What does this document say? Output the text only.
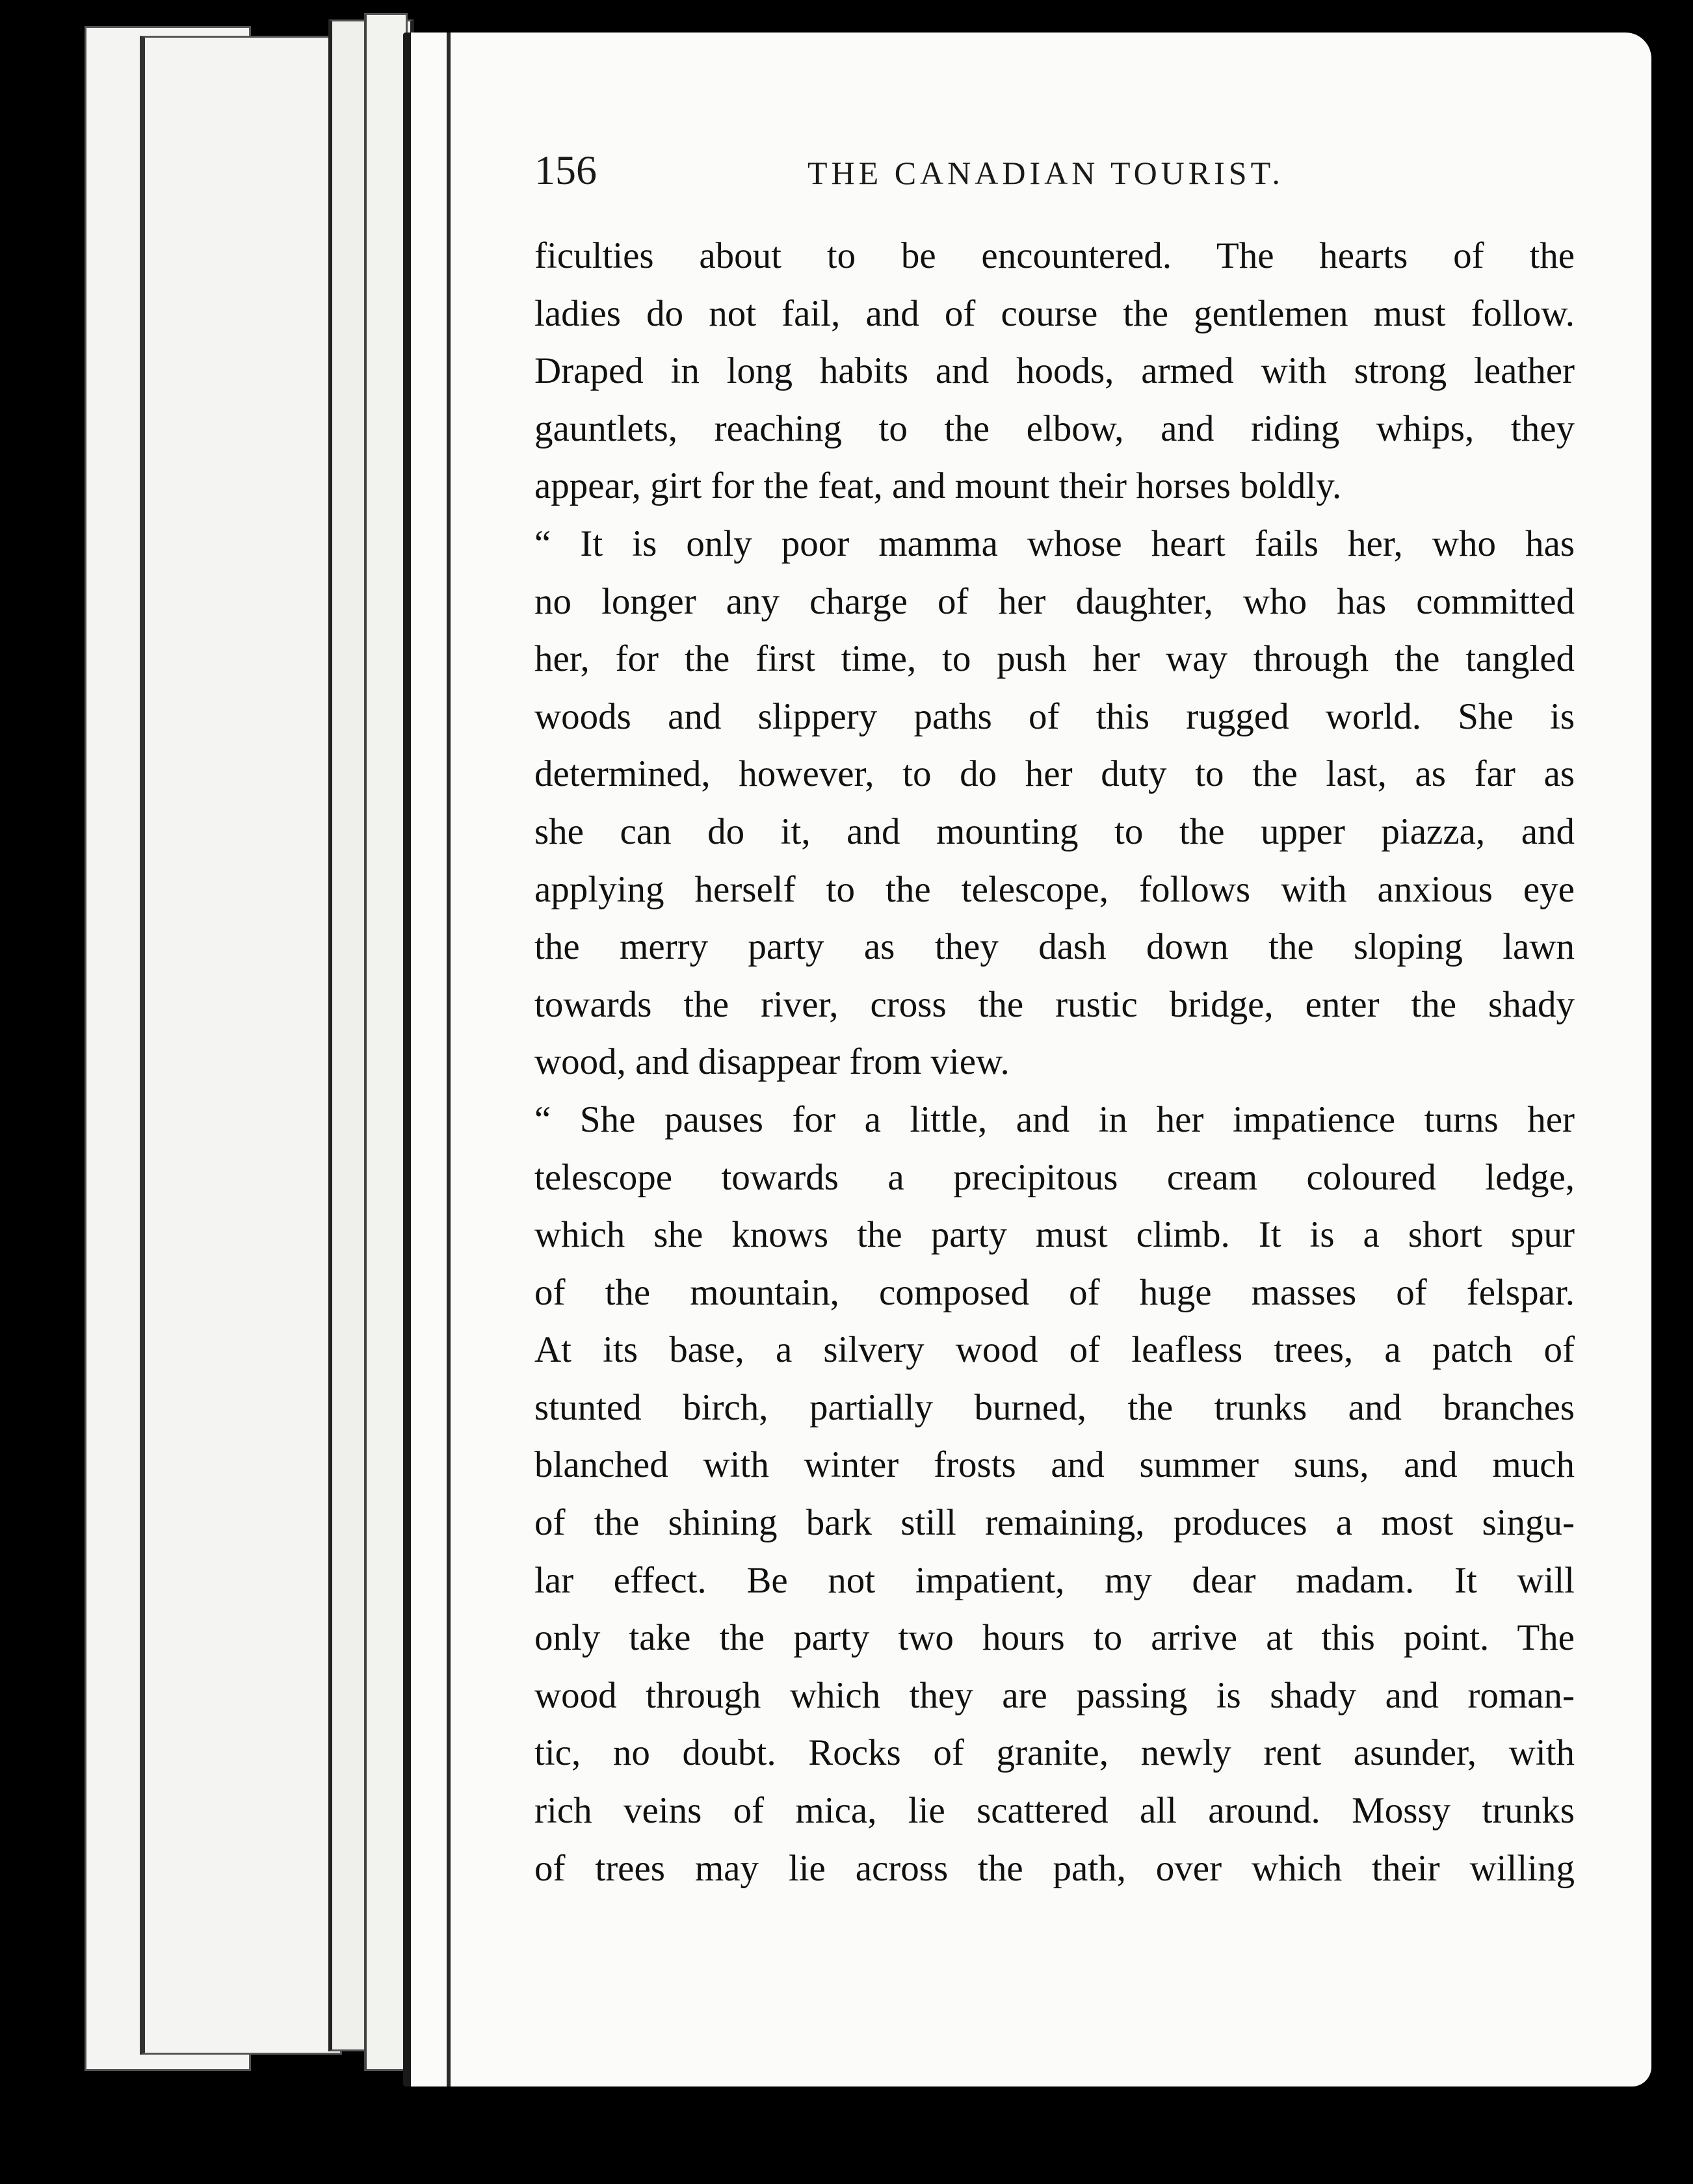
156	THE CANADIAN TOURIST.
ficulties about to be encountered. The hearts of the
ladies do not fail, and of course the gentlemen must follow.
Draped in long habits and hoods, armed with strong leather
gauntlets, reaching to the elbow, and riding whips, they
appear, girt for the feat, and mount their horses boldly.
“ It is only poor mamma whose heart fails her, who has
no longer any charge of her daughter, who has committed
her, for the first time, to push her way through the tangled
woods and slippery paths of this rugged world. She is
determined, however, to do her duty to the last, as far as
she can do it, and mounting to the upper piazza, and
applying herself to the telescope, follows with anxious eye
the merry party as they dash down the sloping lawn
towards the river, cross the rustic bridge, enter the shady
wood, and disappear from view.
“ She pauses for a little, and in her impatience turns her
telescope towards a precipitous cream coloured ledge,
which she knows the party must climb. It is a short spur
of the mountain, composed of huge masses of felspar.
At its base, a silvery wood of leafless trees, a patch of
stunted birch, partially burned, the trunks and branches
blanched with winter frosts and summer suns, and much
of the shining bark still remaining, produces a most singu-
lar effect. Be not impatient, my dear madam. It will
only take the party two hours to arrive at this point. The
wood through which they are passing is shady and roman-
tic, no doubt. Rocks of granite, newly rent asunder, with
rich veins of mica, lie scattered all around. Mossy trunks
of trees may lie across the path, over which their willing
